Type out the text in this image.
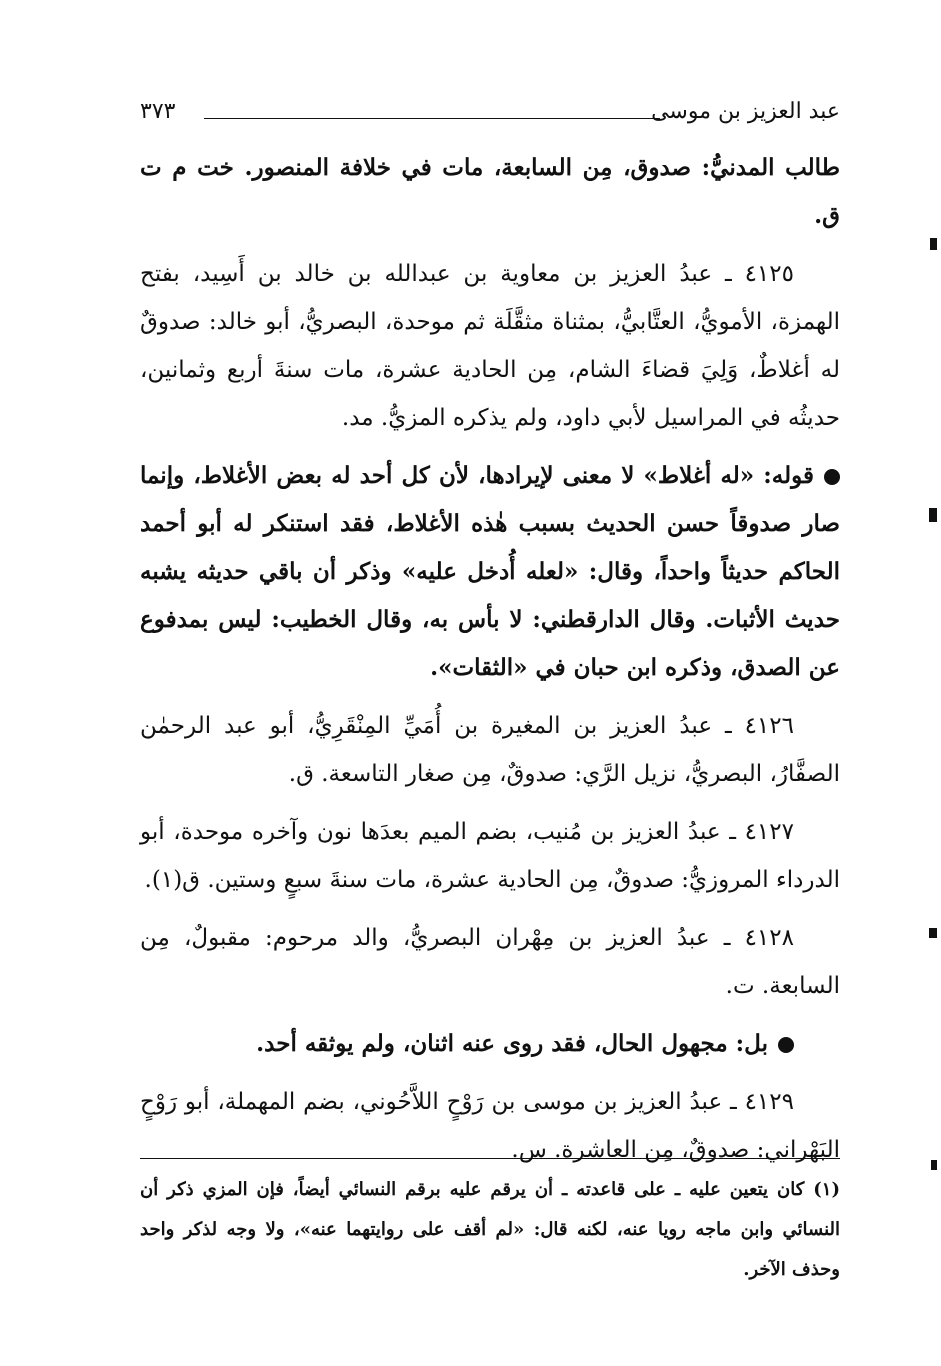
عبد العزيز بن موسى
٣٧٣

طالب المدنيُّ: صدوق، مِن السابعة، مات في خلافة المنصور. خت م ت ق.

٤١٢٥ ـ عبدُ العزيز بن معاوية بن عبدالله بن خالد بن أَسِيد، بفتح الهمزة، الأمويُّ، العتَّابيُّ، بمثناة مثقَّلَة ثم موحدة، البصريُّ، أبو خالد: صدوقٌ له أغلاطٌ، وَلِيَ قضاءَ الشام، مِن الحادية عشرة، مات سنةَ أربع وثمانين، حديثُه في المراسيل لأبي داود، ولم يذكره المزيُّ. مد.

قوله: «له أغلاط» لا معنى لإيرادها، لأن كل أحد له بعض الأغلاط، وإنما صار صدوقاً حسن الحديث بسبب هٰذه الأغلاط، فقد استنكر له أبو أحمد الحاكم حديثاً واحداً، وقال: «لعله أُدخل عليه» وذكر أن باقي حديثه يشبه حديث الأثبات. وقال الدارقطني: لا بأس به، وقال الخطيب: ليس بمدفوع عن الصدق، وذكره ابن حبان في «الثقات».

٤١٢٦ ـ عبدُ العزيز بن المغيرة بن أُمَيِّ المِنْقَرِيُّ، أبو عبد الرحمٰن الصفَّارُ، البصريُّ، نزيل الرَّي: صدوقٌ، مِن صغار التاسعة. ق.

٤١٢٧ ـ عبدُ العزيز بن مُنيب، بضم الميم بعدَها نون وآخره موحدة، أبو الدرداء المروزيُّ: صدوقٌ، مِن الحادية عشرة، مات سنةَ سبعٍ وستين. ق(١).

٤١٢٨ ـ عبدُ العزيز بن مِهْران البصريُّ، والد مرحوم: مقبولٌ، مِن السابعة. ت.

بل: مجهول الحال، فقد روى عنه اثنان، ولم يوثقه أحد.

٤١٢٩ ـ عبدُ العزيز بن موسى بن رَوْحٍ اللاَّحُوني، بضم المهملة، أبو رَوْحٍ البَهْراني: صدوقٌ، مِن العاشرة. س.

(١) كان يتعين عليه ـ على قاعدته ـ أن يرقم عليه برقم النسائي أيضاً، فإن المزي ذكر أن النسائي وابن ماجه رويا عنه، لكنه قال: «لم أقف على روايتهما عنه»، ولا وجه لذكر واحد وحذف الآخر.
